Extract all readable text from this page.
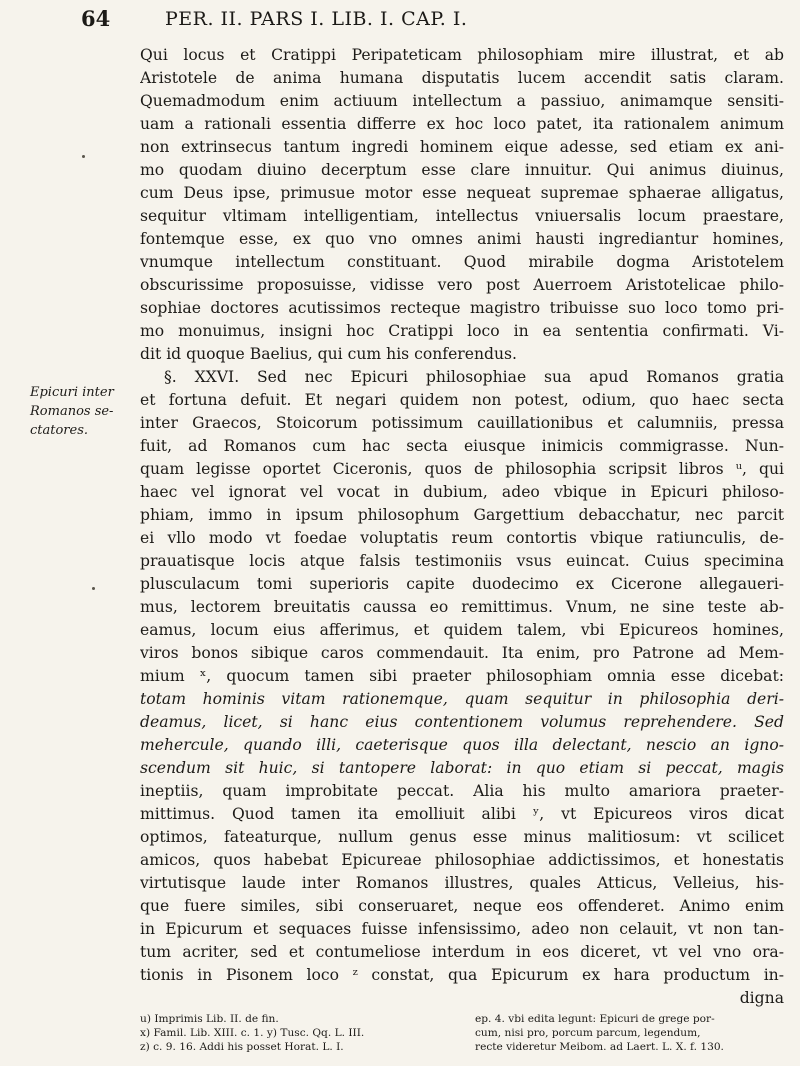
64	PER. II. PARS I. LIB. I. CAP. I.
Epicuri inter
Romanos se-
ctatores.
Qui locus et Cratippi Peripateticam philosophiam mire illustrat, et ab
Aristotele de anima humana disputatis lucem accendit satis claram.
Quemadmodum enim actiuum intellectum a passiuo, animamque sensiti-
uam a rationali essentia differre ex hoc loco patet, ita rationalem animum
non extrinsecus tantum ingredi hominem eique adesse, sed etiam ex ani-
mo quodam diuino decerptum esse clare innuitur. Qui animus diuinus,
cum Deus ipse, primusue motor esse nequeat supremae sphaerae alligatus,
sequitur vltimam intelligentiam, intellectus vniuersalis locum praestare,
fontemque esse, ex quo vno omnes animi hausti ingrediantur homines,
vnumque intellectum constituant. Quod mirabile dogma Aristotelem
obscurissime proposuisse, vidisse vero post Auerroem Aristotelicae philo-
sophiae doctores acutissimos recteque magistro tribuisse suo loco tomo pri-
mo monuimus, insigni hoc Cratippi loco in ea sententia confirmati. Vi-
dit id quoque Baelius, qui cum his conferendus.
§. XXVI. Sed nec Epicuri philosophiae sua apud Romanos gratia
et fortuna defuit. Et negari quidem non potest, odium, quo haec secta
inter Graecos, Stoicorum potissimum cauillationibus et calumniis, pressa
fuit, ad Romanos cum hac secta eiusque inimicis commigrasse. Nun-
quam legisse oportet Ciceronis, quos de philosophia scripsit libros ᵘ, qui
haec vel ignorat vel vocat in dubium, adeo vbique in Epicuri philoso-
phiam, immo in ipsum philosophum Gargettium debacchatur, nec parcit
ei vllo modo vt foedae voluptatis reum contortis vbique ratiunculis, de-
prauatisque locis atque falsis testimoniis vsus euincat. Cuius specimina
plusculacum tomi superioris capite duodecimo ex Cicerone allegaueri-
mus, lectorem breuitatis caussa eo remittimus. Vnum, ne sine teste ab-
eamus, locum eius afferimus, et quidem talem, vbi Epicureos homines,
viros bonos sibique caros commendauit. Ita enim, pro Patrone ad Mem-
mium ˣ, quocum tamen sibi praeter philosophiam omnia esse dicebat:
totam hominis vitam rationemque, quam sequitur in philosophia deri-
deamus, licet, si hanc eius contentionem volumus reprehendere. Sed
mehercule, quando illi, caeterisque quos illa delectant, nescio an igno-
scendum sit huic, si tantopere laborat: in quo etiam si peccat, magis
ineptiis, quam improbitate peccat. Alia his multo amariora praeter-
mittimus. Quod tamen ita emolliuit alibi ʸ, vt Epicureos viros dicat
optimos, fateaturque, nullum genus esse minus malitiosum: vt scilicet
amicos, quos habebat Epicureae philosophiae addictissimos, et honestatis
virtutisque laude inter Romanos illustres, quales Atticus, Velleius, his-
que fuere similes, sibi conseruaret, neque eos offenderet. Animo enim
in Epicurum et sequaces fuisse infensissimo, adeo non celauit, vt non tan-
tum acriter, sed et contumeliose interdum in eos diceret, vt vel vno ora-
tionis in Pisonem loco ᶻ constat, qua Epicurum ex hara productum in-
digna
u) Imprimis Lib. II. de fin.	ep. 4. vbi edita legunt: Epicuri de grege por-
x) Famil. Lib. XIII. c. 1. y) Tusc. Qq. L. III.	cum, nisi pro, porcum parcum, legendum,
z) c. 9. 16. Addi his posset Horat. L. I.	recte videretur Meibom. ad Laert. L. X. f. 130.
